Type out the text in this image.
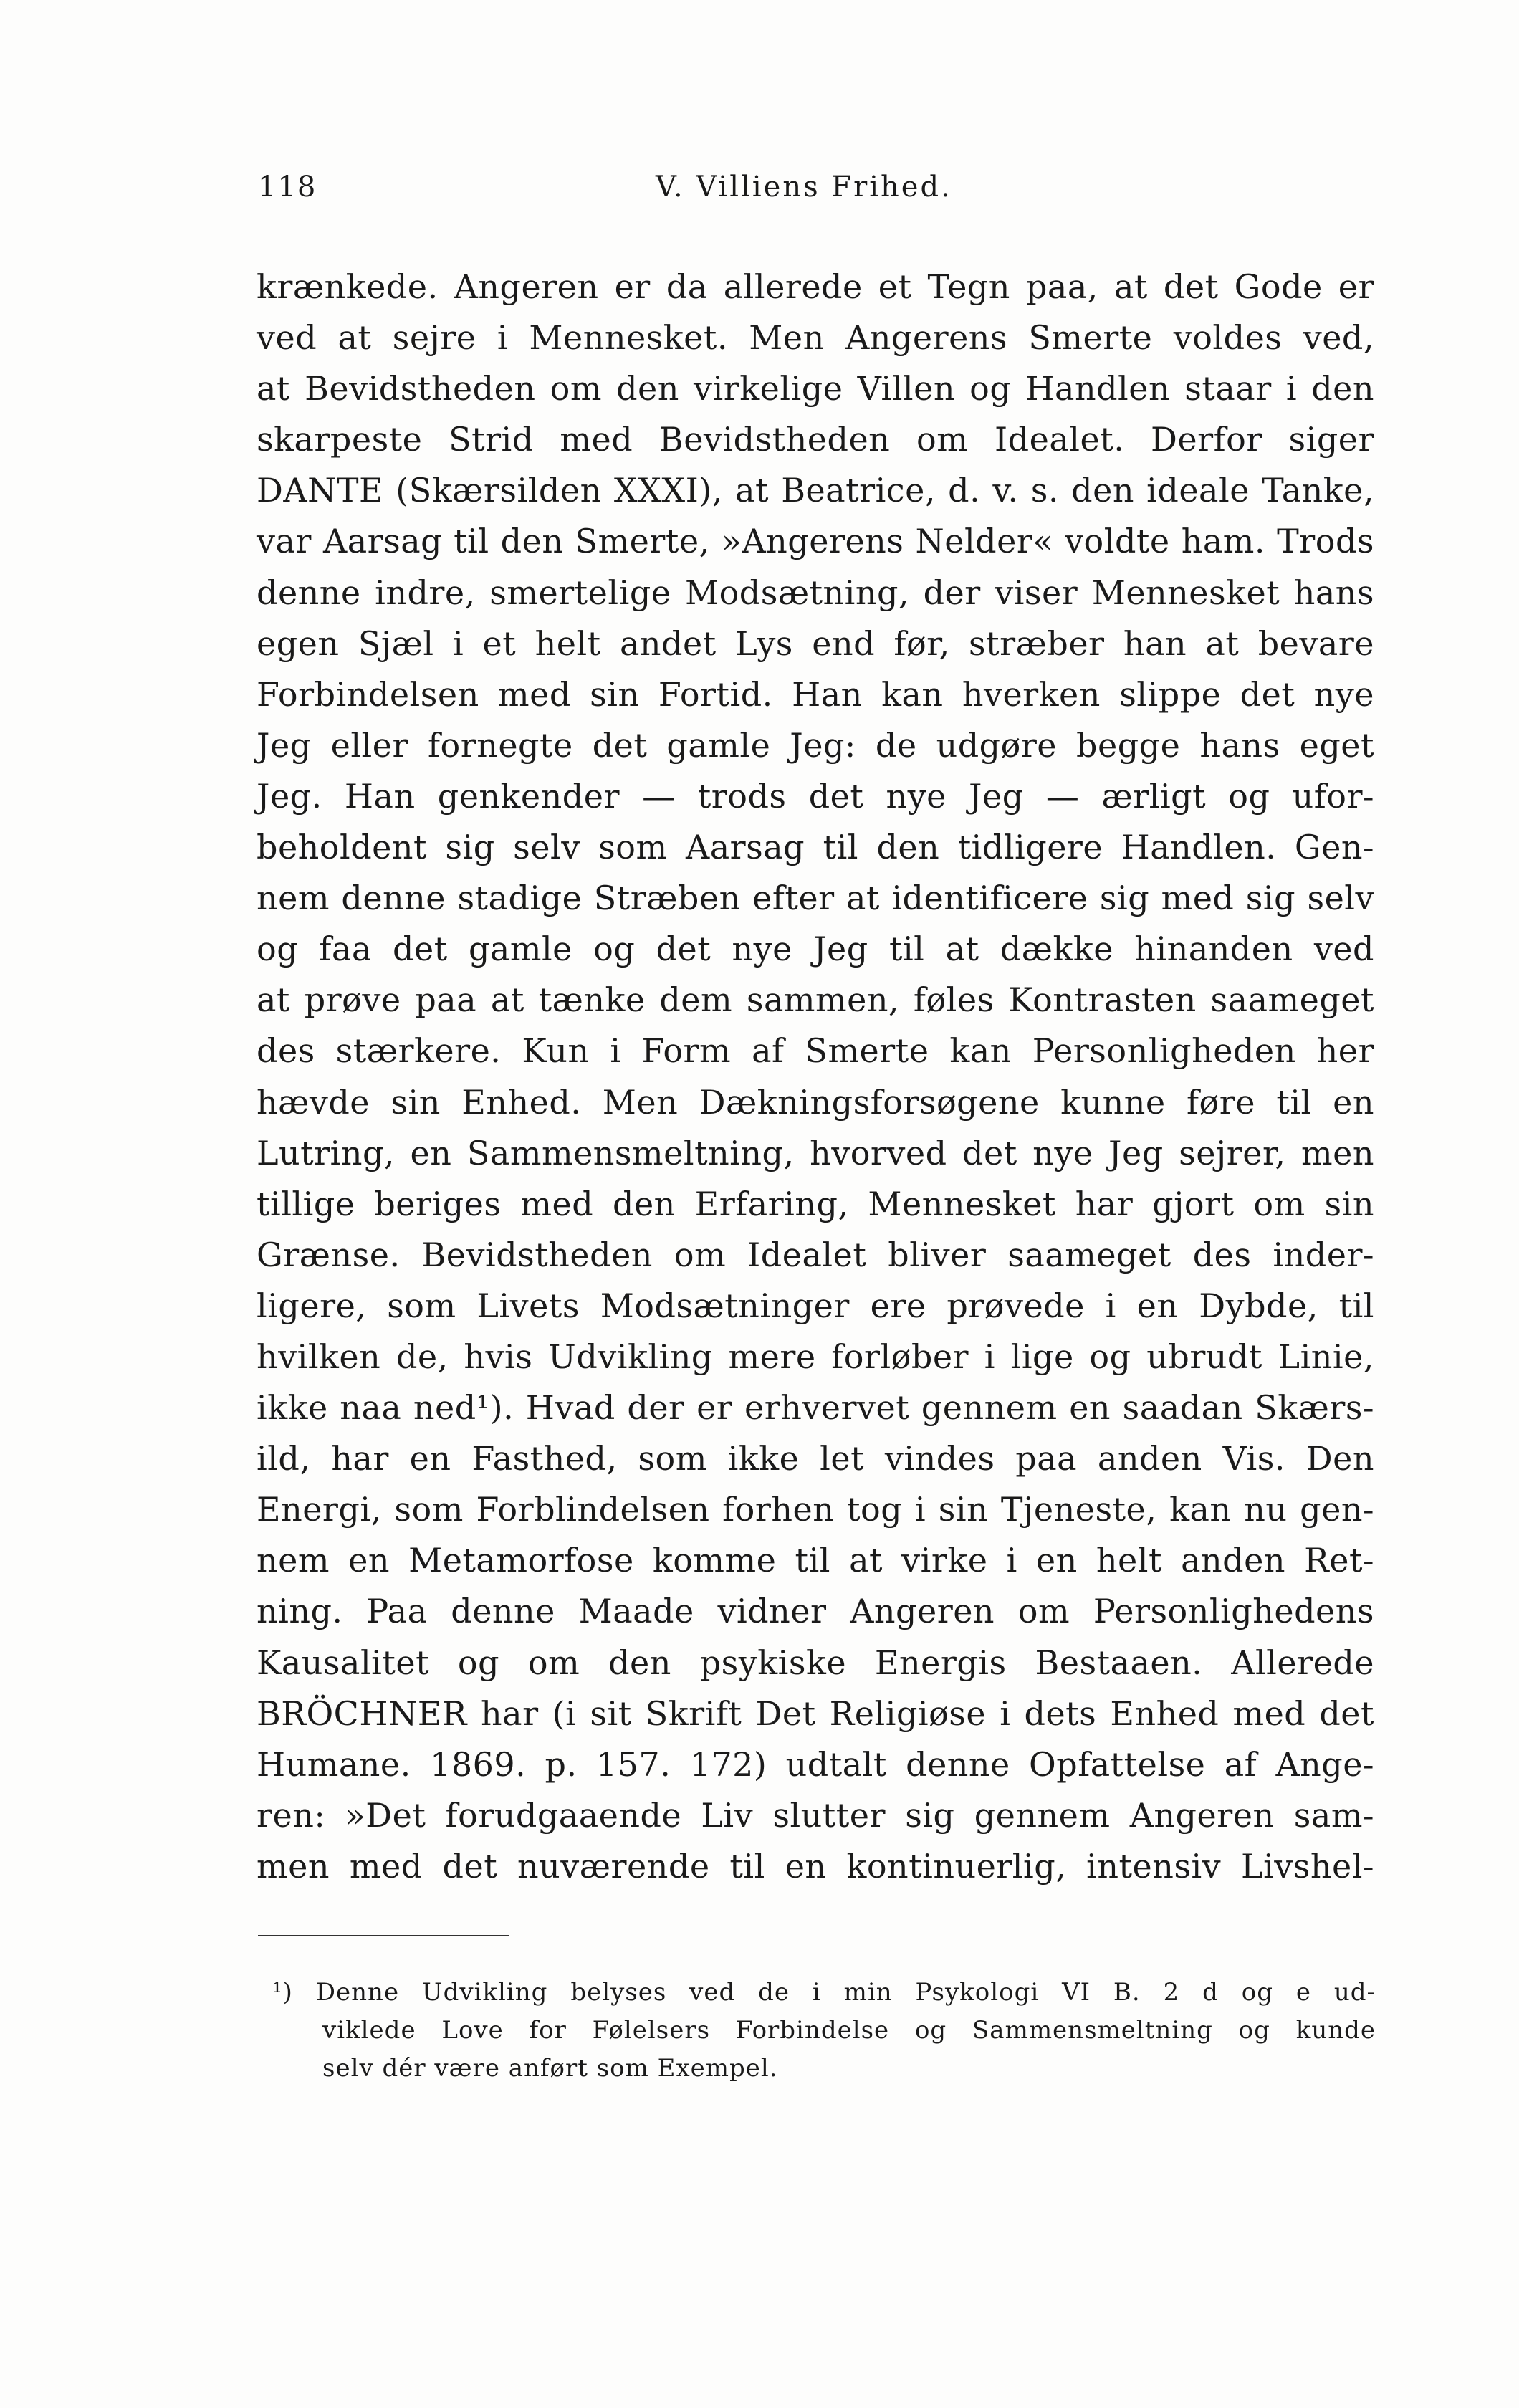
118	V. Villiens Frihed.
krænkede. Angeren er da allerede et Tegn paa, at det Gode er
ved at sejre i Mennesket. Men Angerens Smerte voldes ved,
at Bevidstheden om den virkelige Villen og Handlen staar i den
skarpeste Strid med Bevidstheden om Idealet. Derfor siger
DANTE (Skærsilden XXXI), at Beatrice, d. v. s. den ideale Tanke,
var Aarsag til den Smerte, »Angerens Nelder« voldte ham. Trods
denne indre, smertelige Modsætning, der viser Mennesket hans
egen Sjæl i et helt andet Lys end før, stræber han at bevare
Forbindelsen med sin Fortid. Han kan hverken slippe det nye
Jeg eller fornegte det gamle Jeg: de udgøre begge hans eget
Jeg. Han genkender — trods det nye Jeg — ærligt og ufor-
beholdent sig selv som Aarsag til den tidligere Handlen. Gen-
nem denne stadige Stræben efter at identificere sig med sig selv
og faa det gamle og det nye Jeg til at dække hinanden ved
at prøve paa at tænke dem sammen, føles Kontrasten saameget
des stærkere. Kun i Form af Smerte kan Personligheden her
hævde sin Enhed. Men Dækningsforsøgene kunne føre til en
Lutring, en Sammensmeltning, hvorved det nye Jeg sejrer, men
tillige beriges med den Erfaring, Mennesket har gjort om sin
Grænse. Bevidstheden om Idealet bliver saameget des inder-
ligere, som Livets Modsætninger ere prøvede i en Dybde, til
hvilken de, hvis Udvikling mere forløber i lige og ubrudt Linie,
ikke naa ned¹). Hvad der er erhvervet gennem en saadan Skærs-
ild, har en Fasthed, som ikke let vindes paa anden Vis. Den
Energi, som Forblindelsen forhen tog i sin Tjeneste, kan nu gen-
nem en Metamorfose komme til at virke i en helt anden Ret-
ning. Paa denne Maade vidner Angeren om Personlighedens
Kausalitet og om den psykiske Energis Bestaaen. Allerede
BRÖCHNER har (i sit Skrift Det Religiøse i dets Enhed med det
Humane. 1869. p. 157. 172) udtalt denne Opfattelse af Ange-
ren: »Det forudgaaende Liv slutter sig gennem Angeren sam-
men med det nuværende til en kontinuerlig, intensiv Livshel-
¹) Denne Udvikling belyses ved de i min Psykologi VI B. 2 d og e ud-
viklede Love for Følelsers Forbindelse og Sammensmeltning og kunde
selv dér være anført som Exempel.
